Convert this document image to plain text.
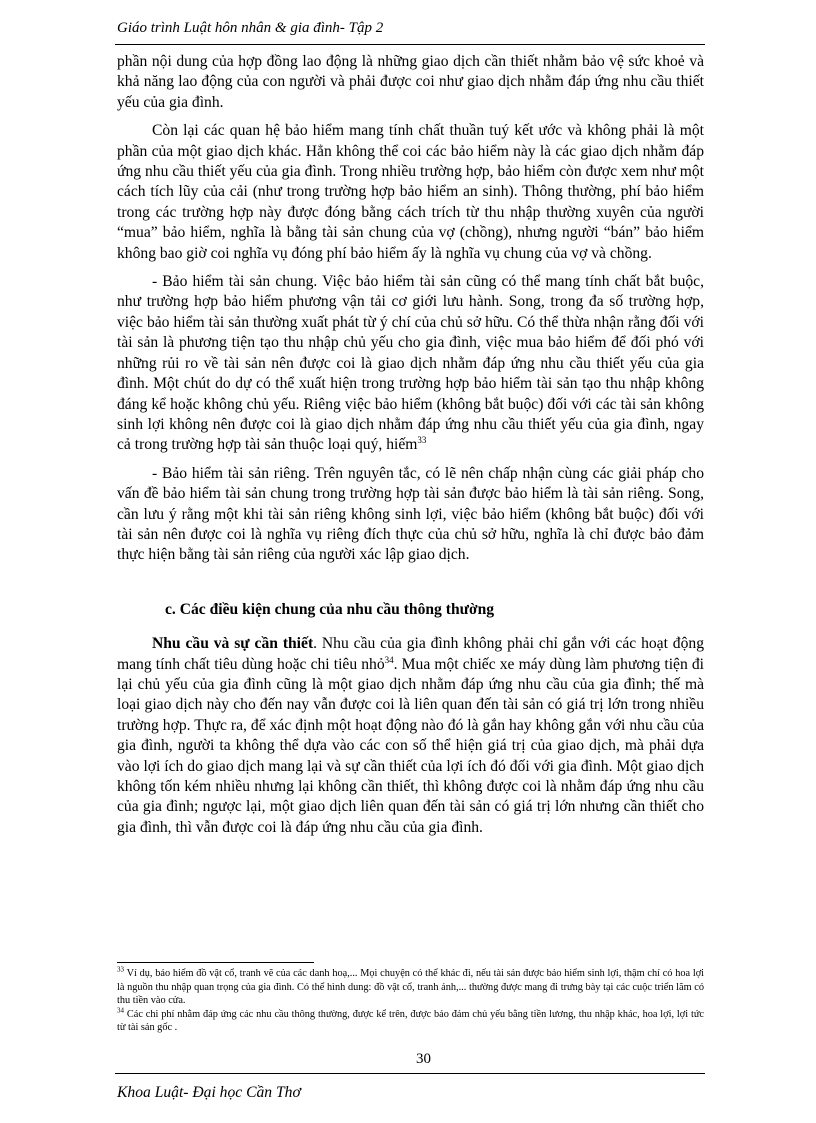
Giáo trình Luật hôn nhân & gia đình- Tập 2

phần nội dung của hợp đồng lao động là những giao dịch cần thiết nhằm bảo vệ sức khoẻ và khả năng lao động của con người và phải được coi như giao dịch nhằm đáp ứng nhu cầu thiết yếu của gia đình.

Còn lại các quan hệ bảo hiểm mang tính chất thuần tuý kết ước và không phải là một phần của một giao dịch khác. Hẳn không thể coi các bảo hiểm này là các giao dịch nhằm đáp ứng nhu cầu thiết yếu của gia đình. Trong nhiều trường hợp, bảo hiểm còn được xem như một cách tích lũy của cải (như trong trường hợp bảo hiểm an sinh). Thông thường, phí bảo hiểm trong các trường hợp này được đóng bằng cách trích từ thu nhập thường xuyên của người “mua” bảo hiểm, nghĩa là bằng tài sản chung của vợ (chồng), nhưng người “bán” bảo hiểm không bao giờ coi nghĩa vụ đóng phí bảo hiểm ấy là nghĩa vụ chung của vợ và chồng.

- Bảo hiểm tài sản chung. Việc bảo hiểm tài sản cũng có thể mang tính chất bắt buộc, như trường hợp bảo hiểm phương vận tải cơ giới lưu hành. Song, trong đa số trường hợp, việc bảo hiểm tài sản thường xuất phát từ ý chí của chủ sở hữu. Có thể thừa nhận rằng đối với tài sản là phương tiện tạo thu nhập chủ yếu cho gia đình, việc mua bảo hiểm để đối phó với những rủi ro về tài sản nên được coi là giao dịch nhằm đáp ứng nhu cầu thiết yếu của gia đình. Một chút do dự có thể xuất hiện trong trường hợp bảo hiểm tài sản tạo thu nhập không đáng kể hoặc không chủ yếu. Riêng việc bảo hiểm (không bắt buộc) đối với các tài sản không sinh lợi không nên được coi là giao dịch nhằm đáp ứng nhu cầu thiết yếu của gia đình, ngay cả trong trường hợp tài sản thuộc loại quý, hiếm$^{33}$

- Bảo hiểm tài sản riêng. Trên nguyên tắc, có lẽ nên chấp nhận cùng các giải pháp cho vấn đề bảo hiểm tài sản chung trong trường hợp tài sản được bảo hiểm là tài sản riêng. Song, cần lưu ý rằng một khi tài sản riêng không sinh lợi, việc bảo hiểm (không bắt buộc) đối với tài sản nên được coi là nghĩa vụ riêng đích thực của chủ sở hữu, nghĩa là chỉ được bảo đảm thực hiện bằng tài sản riêng của người xác lập giao dịch.

c. Các điều kiện chung của nhu cầu thông thường

Nhu cầu và sự cần thiết. Nhu cầu của gia đình không phải chỉ gắn với các hoạt động mang tính chất tiêu dùng hoặc chi tiêu nhỏ$^{34}$. Mua một chiếc xe máy dùng làm phương tiện đi lại chủ yếu của gia đình cũng là một giao dịch nhằm đáp ứng nhu cầu của gia đình; thế mà loại giao dịch này cho đến nay vẫn được coi là liên quan đến tài sản có giá trị lớn trong nhiều trường hợp. Thực ra, để xác định một hoạt động nào đó là gắn hay không gắn với nhu cầu của gia đình, người ta không thể dựa vào các con số thể hiện giá trị của giao dịch, mà phải dựa vào lợi ích do giao dịch mang lại và sự cần thiết của lợi ích đó đối với gia đình. Một giao dịch không tốn kém nhiều nhưng lại không cần thiết, thì không được coi là nhằm đáp ứng nhu cầu của gia đình; ngược lại, một giao dịch liên quan đến tài sản có giá trị lớn nhưng cần thiết cho gia đình, thì vẫn được coi là đáp ứng nhu cầu của gia đình.

$^{33}$ Ví dụ, bảo hiểm đồ vật cổ, tranh vẽ của các danh hoạ,... Mọi chuyện có thể khác đi, nếu tài sản được bảo hiểm sinh lợi, thậm chí có hoa lợi là nguồn thu nhập quan trọng của gia đình. Có thể hình dung: đồ vật cổ, tranh ảnh,... thường được mang đi trưng bày tại các cuộc triển lãm có thu tiền vào cửa.

$^{34}$ Các chi phí nhằm đáp ứng các nhu cầu thông thường, được kể trên, được bảo đảm chủ yếu bằng tiền lương, thu nhập khác, hoa lợi, lợi tức từ tài sản gốc .

30
Khoa Luật- Đại học Cần Thơ
